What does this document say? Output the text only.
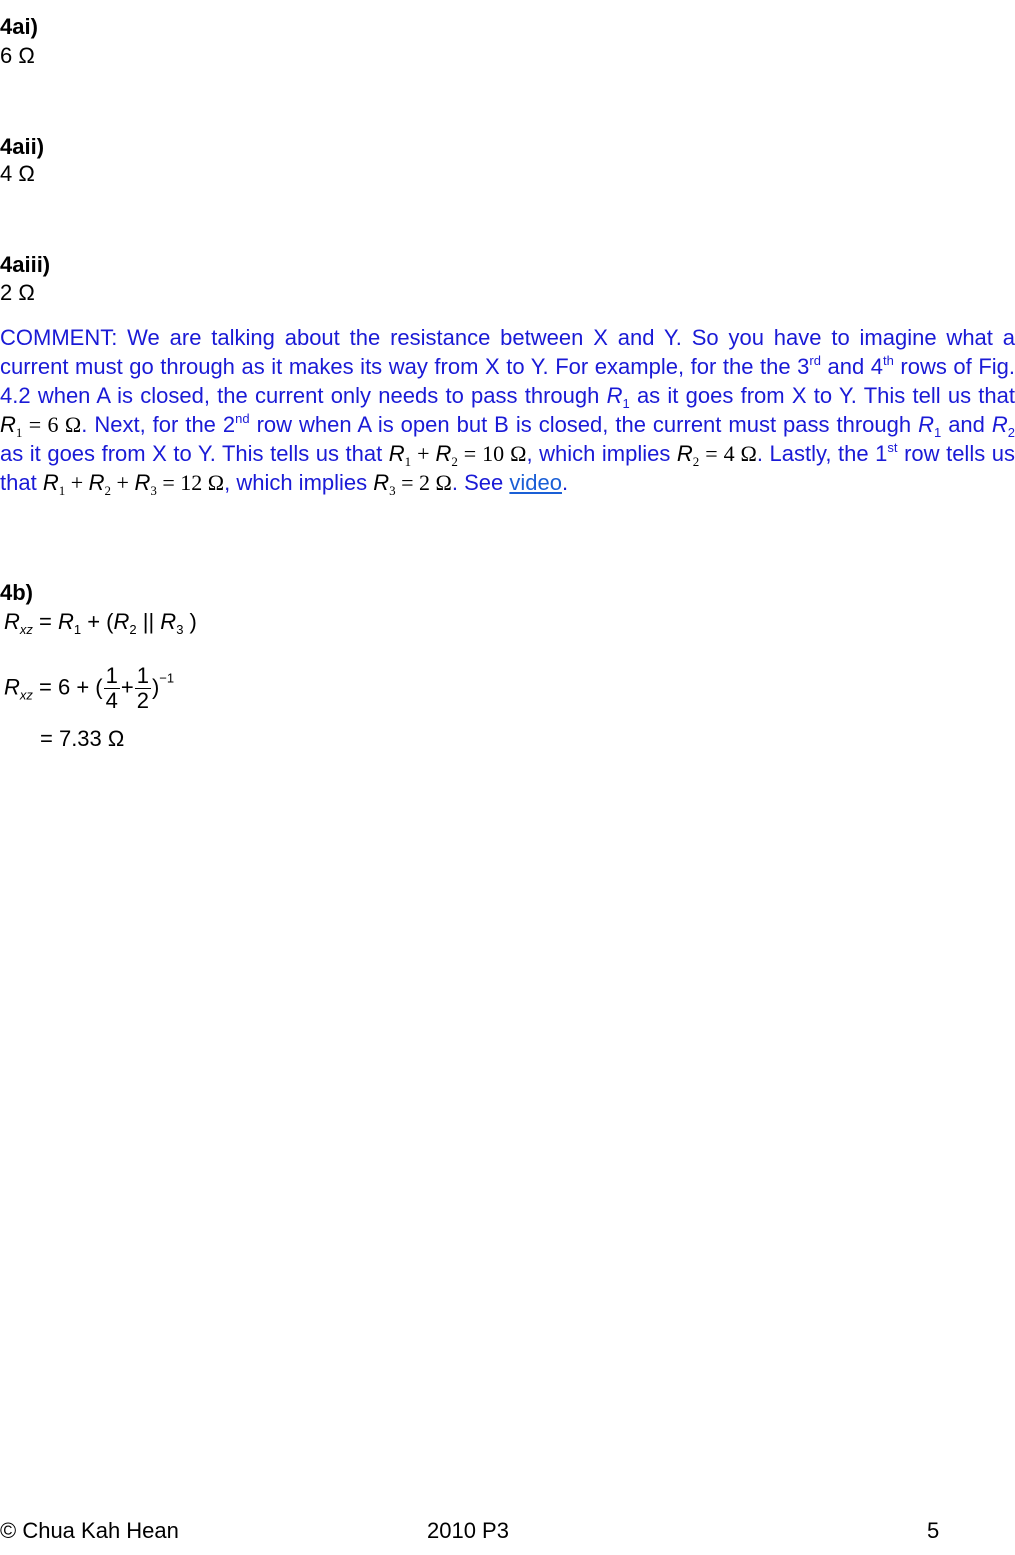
4ai)
6 Ω
4aii)
4 Ω
4aiii)
2 Ω

COMMENT: We are talking about the resistance between X and Y. So you have to imagine what a current must go through as it makes its way from X to Y. For example, for the the 3rd and 4th rows of Fig. 4.2 when A is closed, the current only needs to pass through $R_1$ as it goes from X to Y. This tell us that $R_1 = 6$ Ω. Next, for the 2nd row when A is open but B is closed, the current must pass through $R_1$ and $R_2$ as it goes from X to Y. This tells us that $R_1 + R_2 = 10$ Ω, which implies $R_2 = 4$ Ω. Lastly, the 1st row tells us that $R_1 + R_2 + R_3 = 12$ Ω, which implies $R_3 = 2$ Ω. See video.

4b)
$R_{xz} = R_1 + (R_2$ || $R_3$ )
$R_{xz} = 6$ + ( $\frac{1}{4} + \frac{1}{2} )^{-1}$
= 7.33 Ω
© Chua Kah Hean	2010 P3	5
